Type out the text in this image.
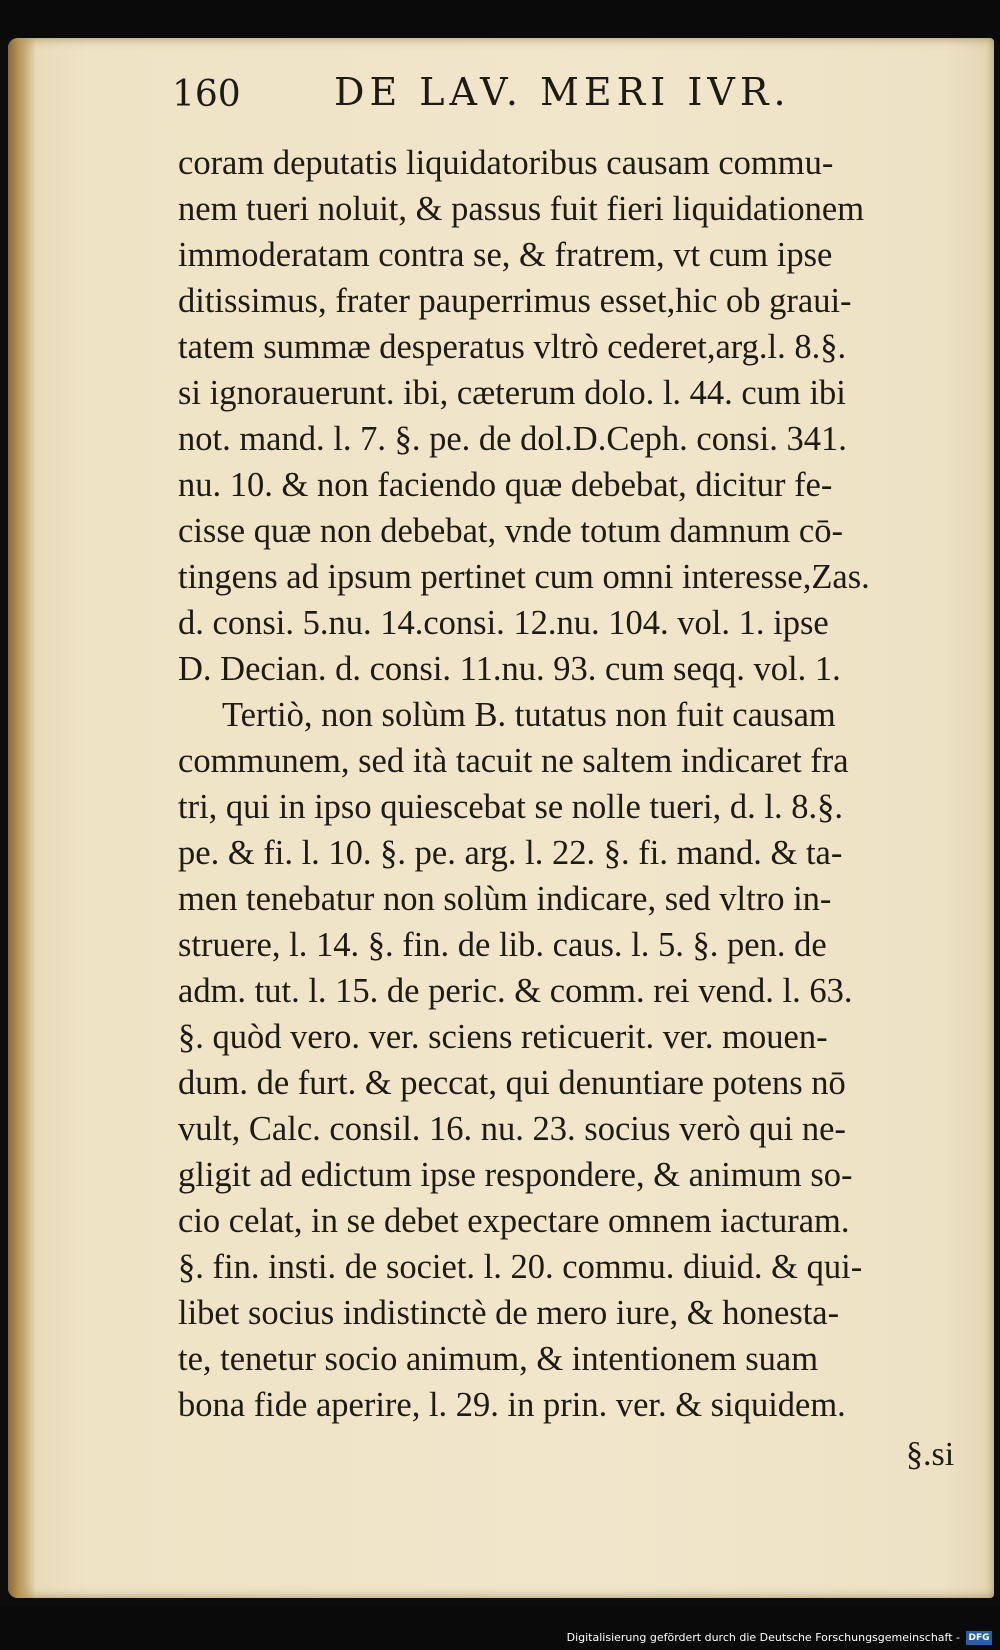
160 DE LAV. MERI IVR.
coram deputatis liquidatoribus causam commu-
nem tueri noluit, & passus fuit fieri liquidationem
immoderatam contra se, & fratrem, vt cum ipse
ditissimus, frater pauperrimus esset,hic ob graui-
tatem summæ desperatus vltrò cederet,arg.l. 8.§.
si ignorauerunt. ibi, cæterum dolo. l. 44. cum ibi
not. mand. l. 7. §. pe. de dol.D.Ceph. consi. 341.
nu. 10. & non faciendo quæ debebat, dicitur fe-
cisse quæ non debebat, vnde totum damnum cō-
tingens ad ipsum pertinet cum omni interesse,Zas.
d. consi. 5.nu. 14.consi. 12.nu. 104. vol. 1. ipse
D. Decian. d. consi. 11.nu. 93. cum seqq. vol. 1.
Tertiò, non solùm B. tutatus non fuit causam
communem, sed ità tacuit ne saltem indicaret fra
tri, qui in ipso quiescebat se nolle tueri, d. l. 8.§.
pe. & fi. l. 10. §. pe. arg. l. 22. §. fi. mand. & ta-
men tenebatur non solùm indicare, sed vltro in-
struere, l. 14. §. fin. de lib. caus. l. 5. §. pen. de
adm. tut. l. 15. de peric. & comm. rei vend. l. 63.
§. quòd vero. ver. sciens reticuerit. ver. mouen-
dum. de furt. & peccat, qui denuntiare potens nō
vult, Calc. consil. 16. nu. 23. socius verò qui ne-
gligit ad edictum ipse respondere, & animum so-
cio celat, in se debet expectare omnem iacturam.
§. fin. insti. de societ. l. 20. commu. diuid. & qui-
libet socius indistinctè de mero iure, & honesta-
te, tenetur socio animum, & intentionem suam
bona fide aperire, l. 29. in prin. ver. & siquidem.
§.si
Digitalisierung gefördert durch die Deutsche Forschungsgemeinschaft - DFG
